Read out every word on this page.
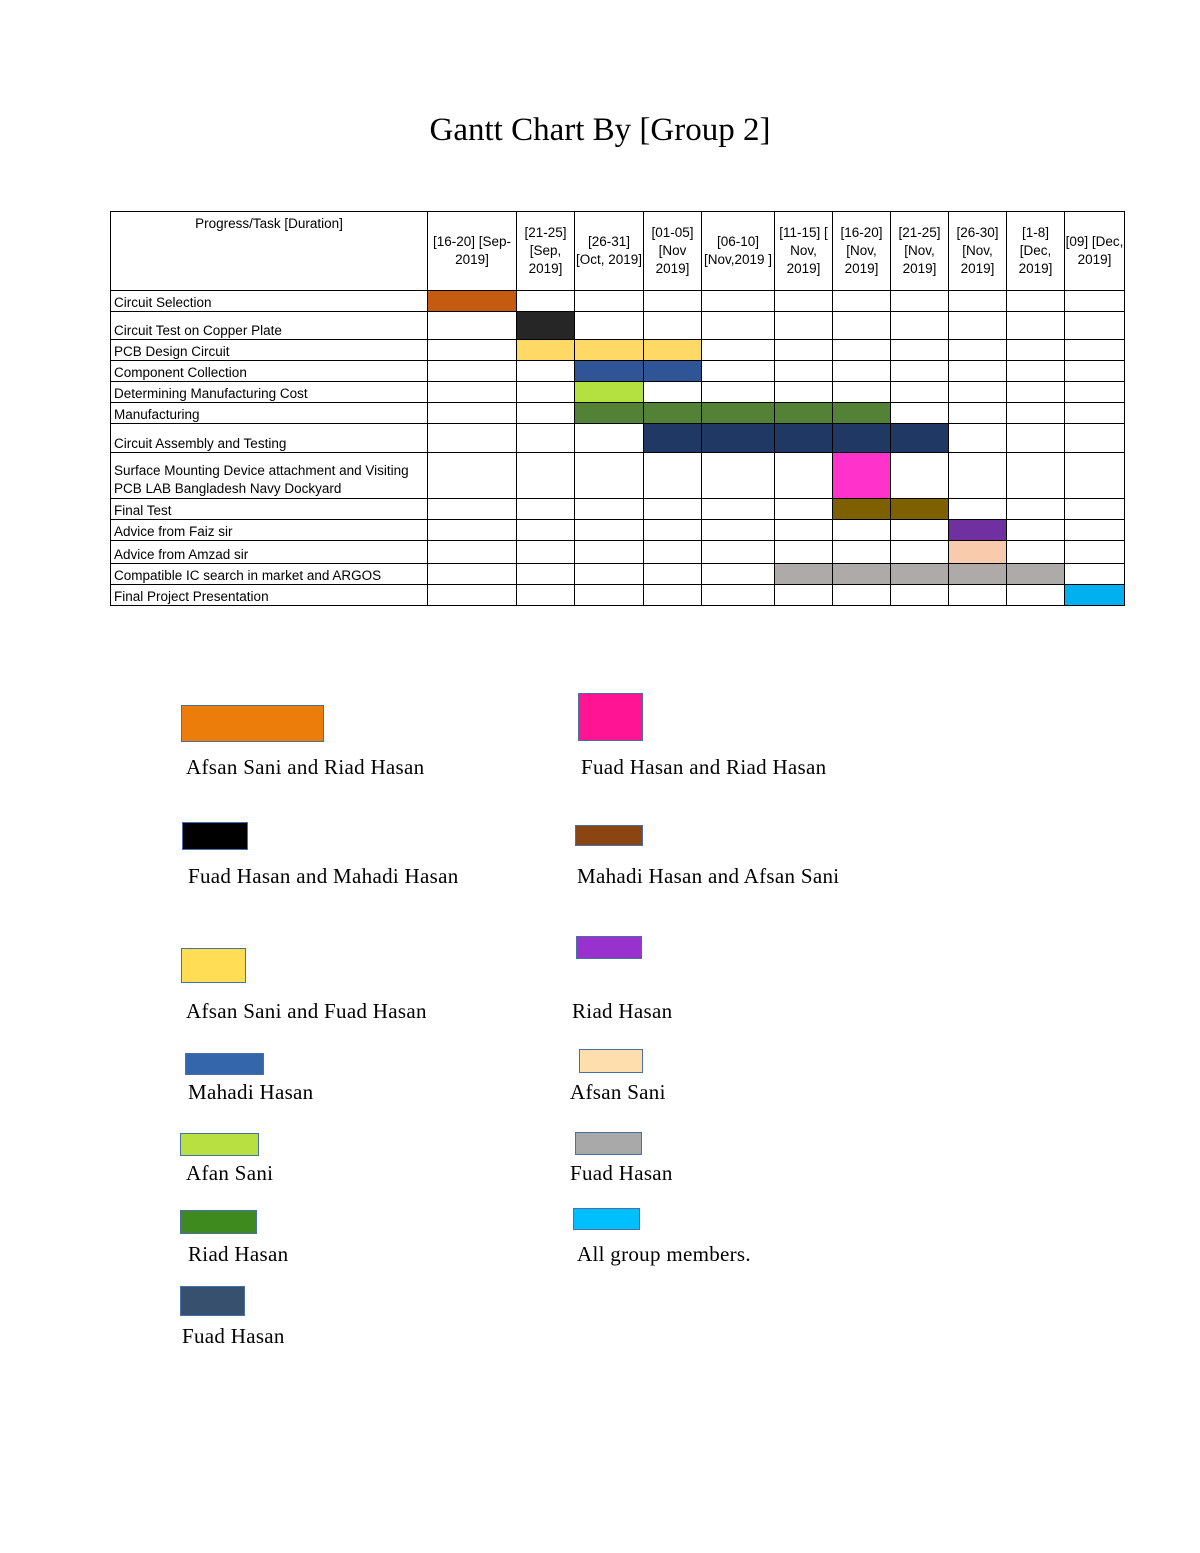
Gantt Chart By [Group 2]
Progress/Task [Duration]	[16-20] [Sep-2019]	[21-25] [Sep, 2019]	[26-31] [Oct, 2019]	[01-05] [Nov 2019]	[06-10] [Nov,2019 ]	[11-15] [ Nov, 2019]	[16-20] [Nov, 2019]	[21-25] [Nov, 2019]	[26-30] [Nov, 2019]	[1-8] [Dec, 2019]	[09] [Dec, 2019]
Circuit Selection											
Circuit Test on Copper Plate											
PCB Design Circuit											
Component Collection											
Determining Manufacturing Cost											
Manufacturing											
Circuit Assembly and Testing											
Surface Mounting Device attachment and Visiting PCB LAB Bangladesh Navy Dockyard											
Final Test											
Advice from Faiz sir											
Advice from Amzad sir											
Compatible IC search in market and ARGOS											
Final Project Presentation											
Afsan Sani and Riad Hasan	Fuad Hasan and Riad Hasan
Fuad Hasan and Mahadi Hasan	Mahadi Hasan and Afsan Sani
Afsan Sani and Fuad Hasan	Riad Hasan
Mahadi Hasan	Afsan Sani
Afan Sani	Fuad Hasan
Riad Hasan	All group members.
Fuad Hasan
